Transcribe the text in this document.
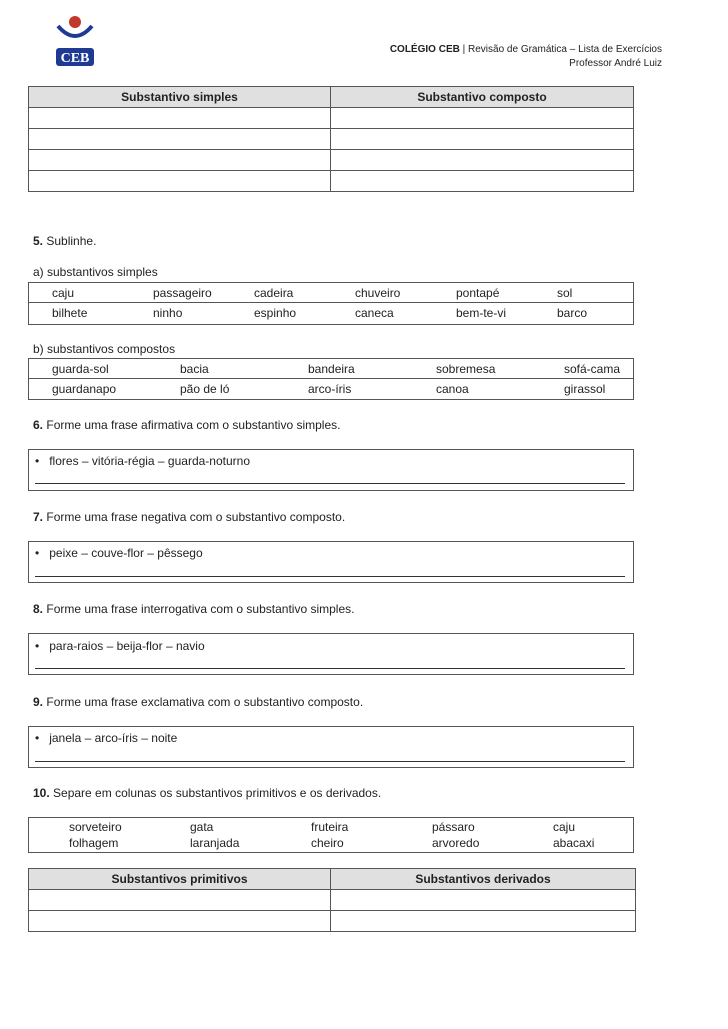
CEB
COLÉGIO CEB | Revisão de Gramática – Lista de Exercícios
Professor André Luiz
Substantivo simples	Substantivo composto

5. Sublinhe.
a) substantivos simples
caju	passageiro	cadeira	chuveiro	pontapé	sol
bilhete	ninho	espinho	caneca	bem-te-vi	barco
b) substantivos compostos
guarda-sol	bacia	bandeira	sobremesa	sofá-cama
guardanapo	pão de ló	arco-íris	canoa	girassol
6. Forme uma frase afirmativa com o substantivo simples.
• flores – vitória-régia – guarda-noturno
7. Forme uma frase negativa com o substantivo composto.
• peixe – couve-flor – pêssego
8. Forme uma frase interrogativa com o substantivo simples.
• para-raios – beija-flor – navio
9. Forme uma frase exclamativa com o substantivo composto.
• janela – arco-íris – noite
10. Separe em colunas os substantivos primitivos e os derivados.
sorveteiro	gata	fruteira	pássaro	caju
folhagem	laranjada	cheiro	arvoredo	abacaxi
Substantivos primitivos	Substantivos derivados
